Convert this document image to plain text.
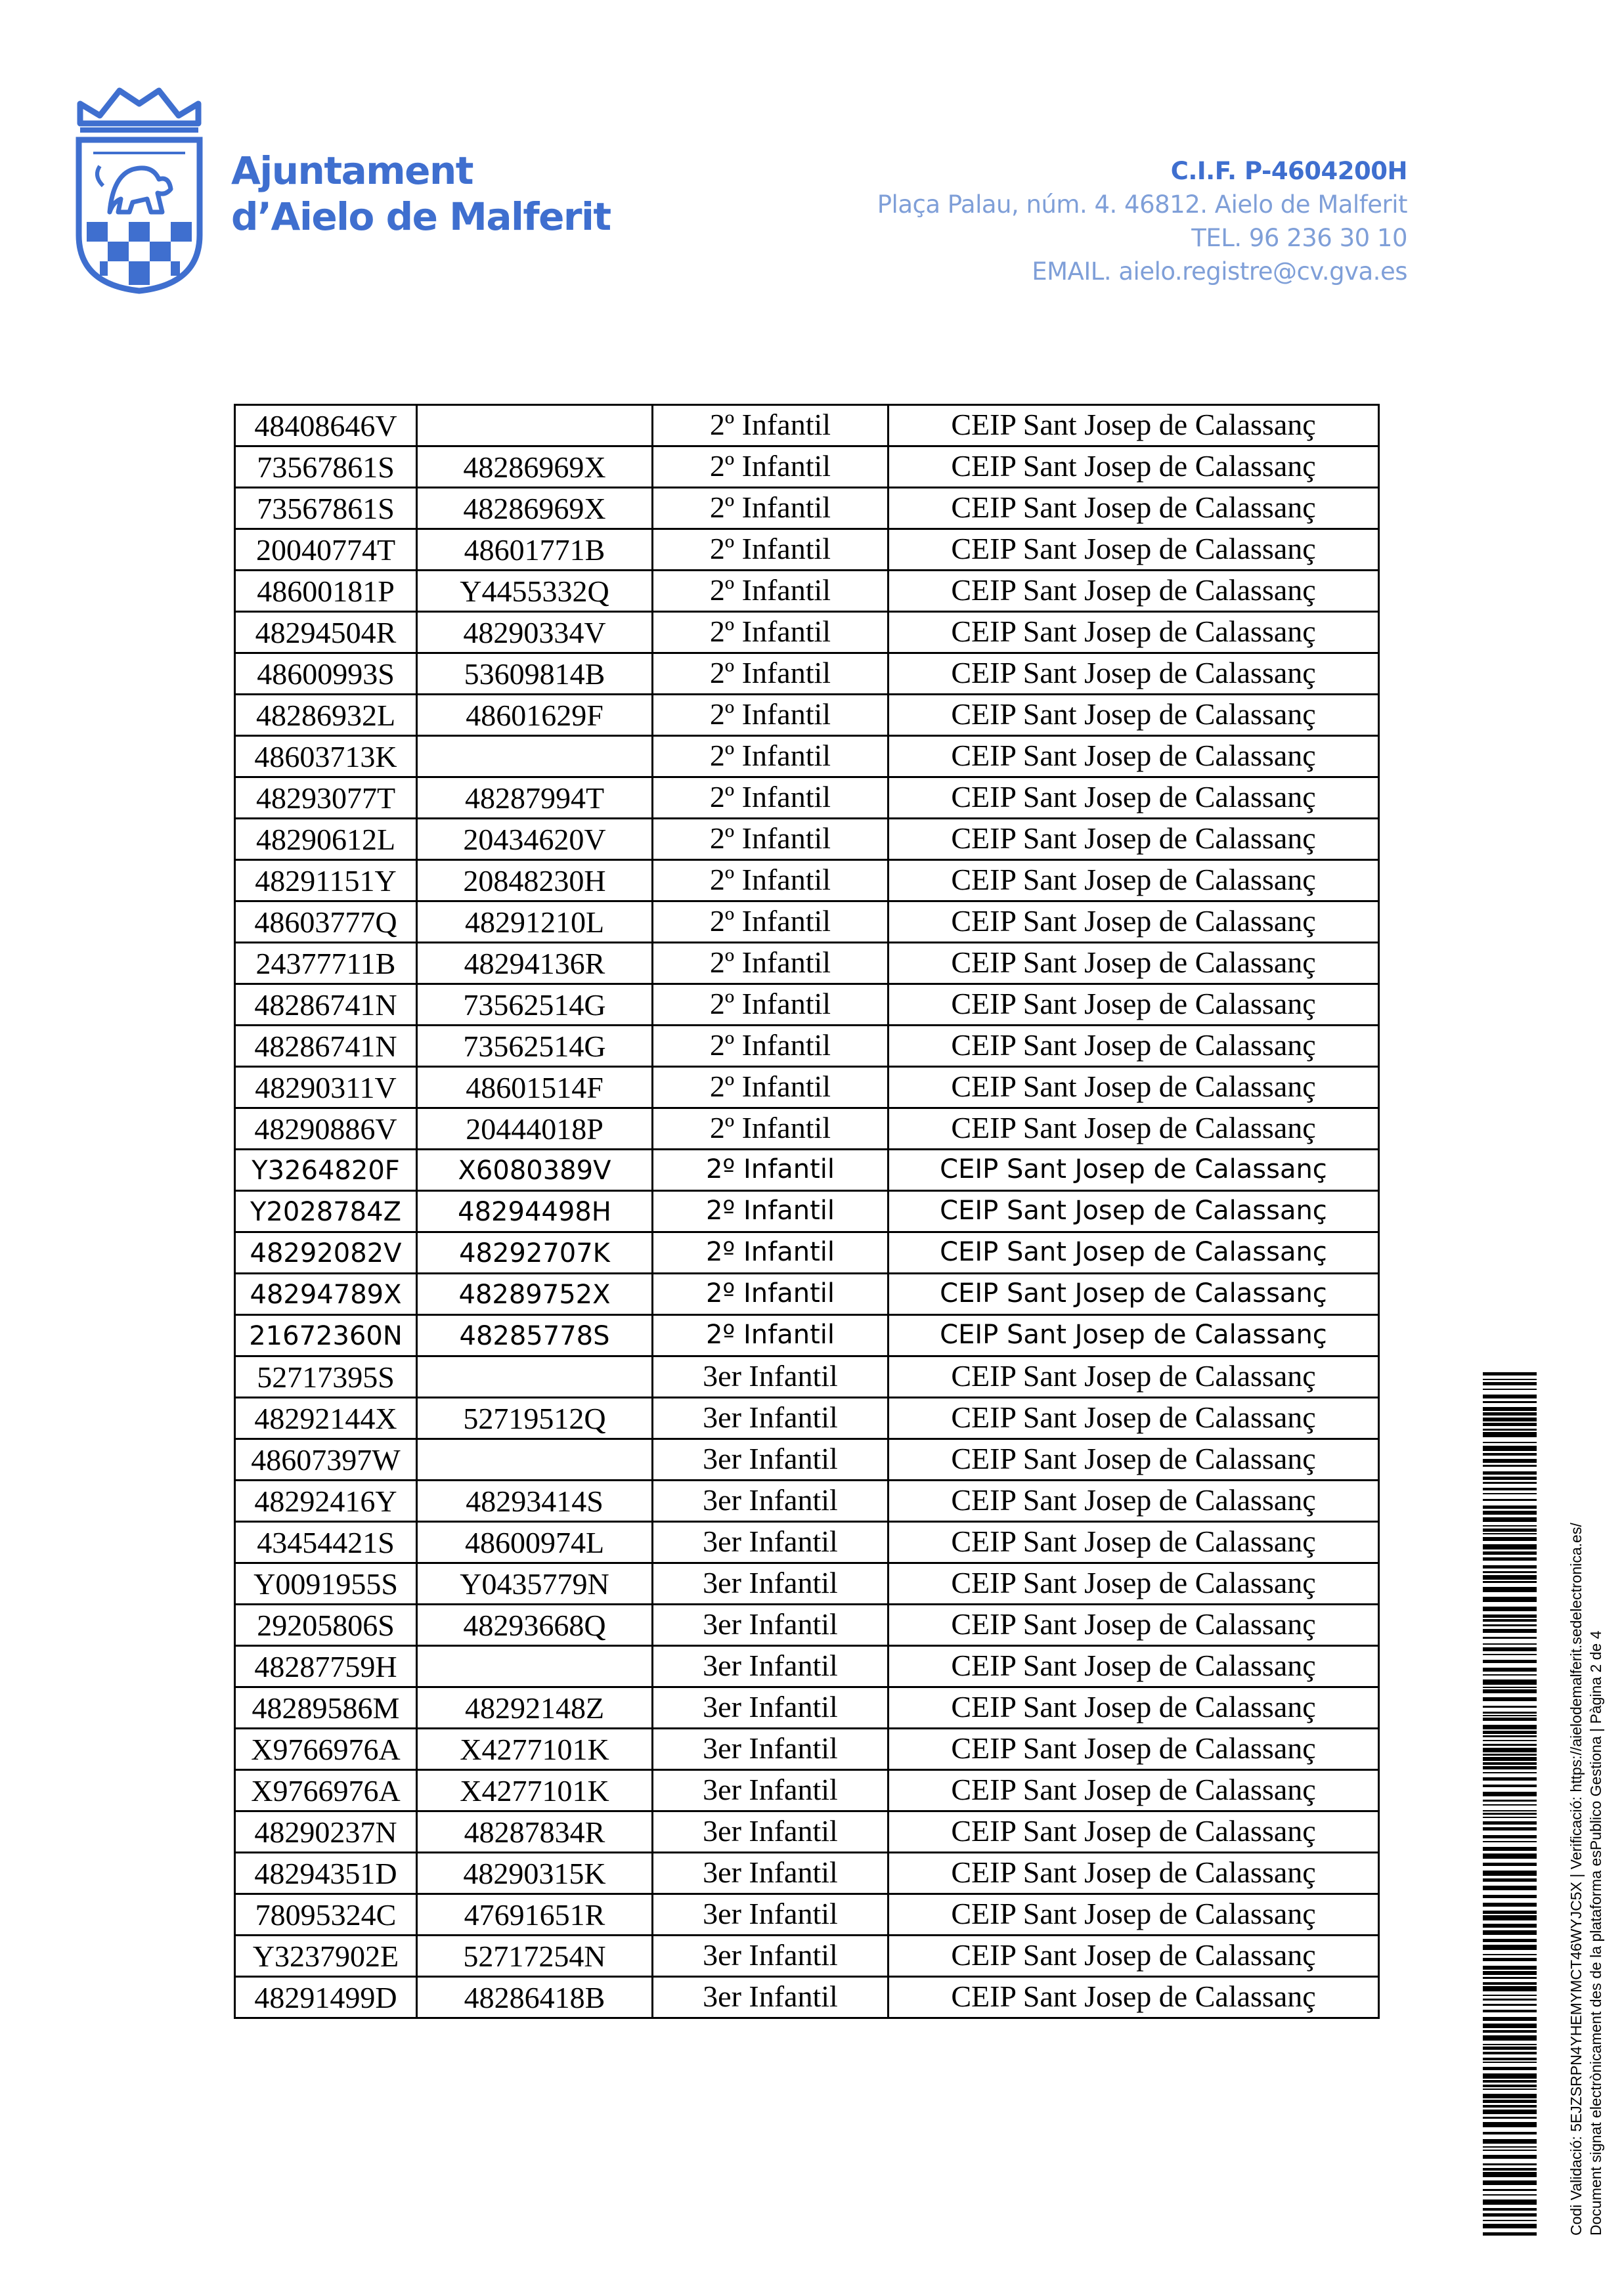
Ajuntament
d’Aielo de Malferit
C.I.F. P-4604200H
Plaça Palau, núm. 4. 46812. Aielo de Malferit
TEL. 96 236 30 10
EMAIL. aielo.registre@cv.gva.es
48408646V		2º Infantil	CEIP Sant Josep de Calassanç
73567861S	48286969X	2º Infantil	CEIP Sant Josep de Calassanç
73567861S	48286969X	2º Infantil	CEIP Sant Josep de Calassanç
20040774T	48601771B	2º Infantil	CEIP Sant Josep de Calassanç
48600181P	Y4455332Q	2º Infantil	CEIP Sant Josep de Calassanç
48294504R	48290334V	2º Infantil	CEIP Sant Josep de Calassanç
48600993S	53609814B	2º Infantil	CEIP Sant Josep de Calassanç
48286932L	48601629F	2º Infantil	CEIP Sant Josep de Calassanç
48603713K		2º Infantil	CEIP Sant Josep de Calassanç
48293077T	48287994T	2º Infantil	CEIP Sant Josep de Calassanç
48290612L	20434620V	2º Infantil	CEIP Sant Josep de Calassanç
48291151Y	20848230H	2º Infantil	CEIP Sant Josep de Calassanç
48603777Q	48291210L	2º Infantil	CEIP Sant Josep de Calassanç
24377711B	48294136R	2º Infantil	CEIP Sant Josep de Calassanç
48286741N	73562514G	2º Infantil	CEIP Sant Josep de Calassanç
48286741N	73562514G	2º Infantil	CEIP Sant Josep de Calassanç
48290311V	48601514F	2º Infantil	CEIP Sant Josep de Calassanç
48290886V	20444018P	2º Infantil	CEIP Sant Josep de Calassanç
Y3264820F	X6080389V	2º Infantil	CEIP Sant Josep de Calassanç
Y2028784Z	48294498H	2º Infantil	CEIP Sant Josep de Calassanç
48292082V	48292707K	2º Infantil	CEIP Sant Josep de Calassanç
48294789X	48289752X	2º Infantil	CEIP Sant Josep de Calassanç
21672360N	48285778S	2º Infantil	CEIP Sant Josep de Calassanç
52717395S		3er Infantil	CEIP Sant Josep de Calassanç
48292144X	52719512Q	3er Infantil	CEIP Sant Josep de Calassanç
48607397W		3er Infantil	CEIP Sant Josep de Calassanç
48292416Y	48293414S	3er Infantil	CEIP Sant Josep de Calassanç
43454421S	48600974L	3er Infantil	CEIP Sant Josep de Calassanç
Y0091955S	Y0435779N	3er Infantil	CEIP Sant Josep de Calassanç
29205806S	48293668Q	3er Infantil	CEIP Sant Josep de Calassanç
48287759H		3er Infantil	CEIP Sant Josep de Calassanç
48289586M	48292148Z	3er Infantil	CEIP Sant Josep de Calassanç
X9766976A	X4277101K	3er Infantil	CEIP Sant Josep de Calassanç
X9766976A	X4277101K	3er Infantil	CEIP Sant Josep de Calassanç
48290237N	48287834R	3er Infantil	CEIP Sant Josep de Calassanç
48294351D	48290315K	3er Infantil	CEIP Sant Josep de Calassanç
78095324C	47691651R	3er Infantil	CEIP Sant Josep de Calassanç
Y3237902E	52717254N	3er Infantil	CEIP Sant Josep de Calassanç
48291499D	48286418B	3er Infantil	CEIP Sant Josep de Calassanç	Codi Validació: 5EJZSRPN4YHEMYMCT46WYJC5X | Verificació: https://aielodemalferit.sedelectronica.es/ Document signat electrònicament des de la plataforma esPublico Gestiona | Pàgina 2 de 4
